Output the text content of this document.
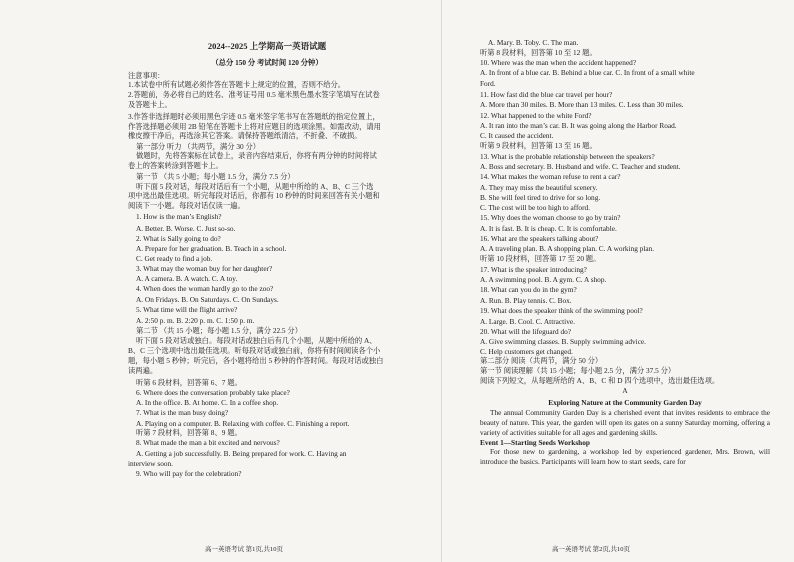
2024--2025 上学期高一英语试题
（总分 150 分 考试时间 120 分钟）
注意事项：
1.本试卷中所有试题必须作答在答题卡上规定的位置，否则不给分。
2.答题前，务必将自己的姓名、准考证号用 0.5 毫米黑色墨水签字笔填写在试卷
及答题卡上。
3.作答非选择题时必须用黑色字迹 0.5 毫米签字笔书写在答题纸的指定位置上，
作答选择题必须用 2B 铅笔在答题卡上将对应题目的选项涂黑。如需改动，请用
橡皮擦干净后，再选涂其它答案。请保持答题纸清洁，不折叠、不破损。
第一部分 听力 （共两节，满分 30 分）
做题时，先将答案标在试卷上，录音内容结束后，你将有两分钟的时间将试
卷上的答案转涂到答题卡上。
第一节 （共 5 小题；每小题 1.5 分，满分 7.5 分）
听下面 5 段对话，每段对话后有一个小题，从题中所给的 A、B、C 三个选
项中选出最佳选项。听完每段对话后，你都有 10 秒钟的时间来回答有关小题和
阅读下一小题。每段对话仅读一遍。
1. How is the man’s English?
A. Better. B. Worse. C. Just so-so.
2. What is Sally going to do?
A. Prepare for her graduation. B. Teach in a school.
C. Get ready to find a job.
3. What may the woman buy for her daughter?
A. A camera. B. A watch. C. A toy.
4. When does the woman hardly go to the zoo?
A. On Fridays. B. On Saturdays. C. On Sundays.
5. What time will the flight arrive?
A. 2:50 p. m. B. 2:20 p. m. C. 1:50 p. m.
第二节 （共 15 小题；每小题 1.5 分，满分 22.5 分）
听下面 5 段对话或独白。每段对话或独白后有几个小题，从题中所给的 A、
B、C 三个选项中选出最佳选项。听每段对话或独白前，你将有时间阅读各个小
题，每小题 5 秒钟；听完后，各小题将给出 5 秒钟的作答时间。每段对话或独白
读两遍。
听第 6 段材料，回答第 6、7 题。
6. Where does the conversation probably take place?
A. In the office. B. At home. C. In a coffee shop.
7. What is the man busy doing?
A. Playing on a computer. B. Relaxing with coffee. C. Finishing a report.
听第 7 段材料，回答第 8、9 题。
8. What made the man a bit excited and nervous?
A. Getting a job successfully. B. Being prepared for work. C. Having an
interview soon.
9. Who will pay for the celebration?
A. Mary. B. Toby. C. The man.
听第 8 段材料，回答第 10 至 12 题。
10. Where was the man when the accident happened?
A. In front of a blue car. B. Behind a blue car. C. In front of a small white
Ford.
11. How fast did the blue car travel per hour?
A. More than 30 miles. B. More than 13 miles. C. Less than 30 miles.
12. What happened to the white Ford?
A. It ran into the man’s car. B. It was going along the Harbor Road.
C. It caused the accident.
听第 9 段材料，回答第 13 至 16 题。
13. What is the probable relationship between the speakers?
A. Boss and secretary. B. Husband and wife. C. Teacher and student.
14. What makes the woman refuse to rent a car?
A. They may miss the beautiful scenery.
B. She will feel tired to drive for so long.
C. The cost will be too high to afford.
15. Why does the woman choose to go by train?
A. It is fast. B. It is cheap. C. It is comfortable.
16. What are the speakers talking about?
A. A traveling plan. B. A shopping plan. C. A working plan.
听第 10 段材料，回答第 17 至 20 题。
17. What is the speaker introducing?
A. A swimming pool. B. A gym. C. A shop.
18. What can you do in the gym?
A. Run. B. Play tennis. C. Box.
19. What does the speaker think of the swimming pool?
A. Large. B. Cool. C. Attractive.
20. What will the lifeguard do?
A. Give swimming classes. B. Supply swimming advice.
C. Help customers get changed.
第二部分 阅读（共两节，满分 50 分）
第一节 阅读理解（共 15 小题；每小题 2.5 分，满分 37.5 分）
阅读下列短文，从每题所给的 A、B、C 和 D 四个选项中，选出最佳选项。
A
Exploring Nature at the Community Garden Day
The annual Community Garden Day is a cherished event that invites residents to embrace the beauty of nature. This year, the garden will open its gates on a sunny Saturday morning, offering a variety of activities suitable for all ages and gardening skills.
Event 1—Starting Seeds Workshop
For those new to gardening, a workshop led by experienced gardener, Mrs. Brown, will introduce the basics. Participants will learn how to start seeds, care for
高一英语考试 第1页,共10页	高一英语考试 第2页,共10页
